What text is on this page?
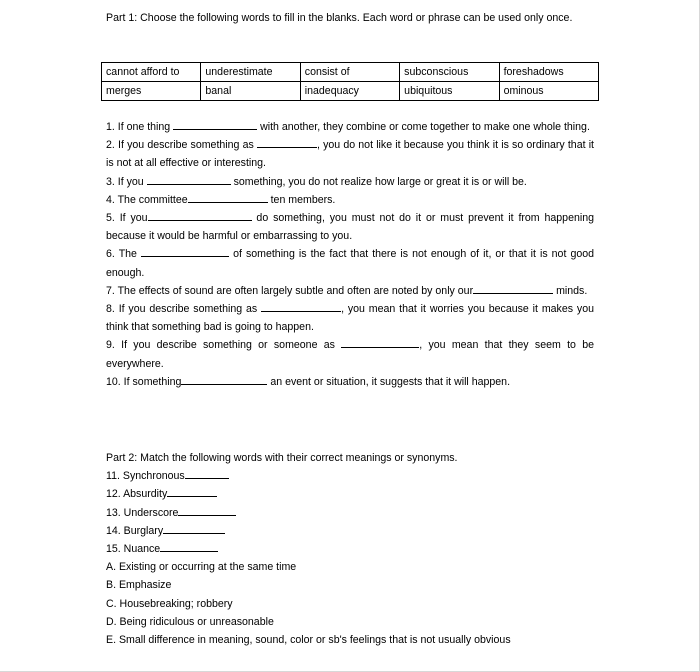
Part 1: Choose the following words to fill in the blanks. Each word or phrase can be used only once.

cannot afford to	underestimate	consist of	subconscious	foreshadows
merges	banal	inadequacy	ubiquitous	ominous

1. If one thing	with another, they combine or come together to make one whole thing.

2. If you describe something as	, you do not like it because you think it is so ordinary that it is not at all effective or interesting.

3. If you	something, you do not realize how large or great it is or will be.

4. The committee	ten members.

5. If you	do something, you must not do it or must prevent it from happening because it would be harmful or embarrassing to you.

6. The	of something is the fact that there is not enough of it, or that it is not good enough.

7. The effects of sound are often largely subtle and often are noted by only our	minds.

8. If you describe something as	, you mean that it worries you because it makes you think that something bad is going to happen.

9. If you describe something or someone as	, you mean that they seem to be everywhere.

10. If something	an event or situation, it suggests that it will happen.

Part 2: Match the following words with their correct meanings or synonyms.

11. Synchronous

12. Absurdity

13. Underscore

14. Burglary

15. Nuance

A. Existing or occurring at the same time

B. Emphasize

C. Housebreaking; robbery

D. Being ridiculous or unreasonable

E. Small difference in meaning, sound, color or sb's feelings that is not usually obvious
